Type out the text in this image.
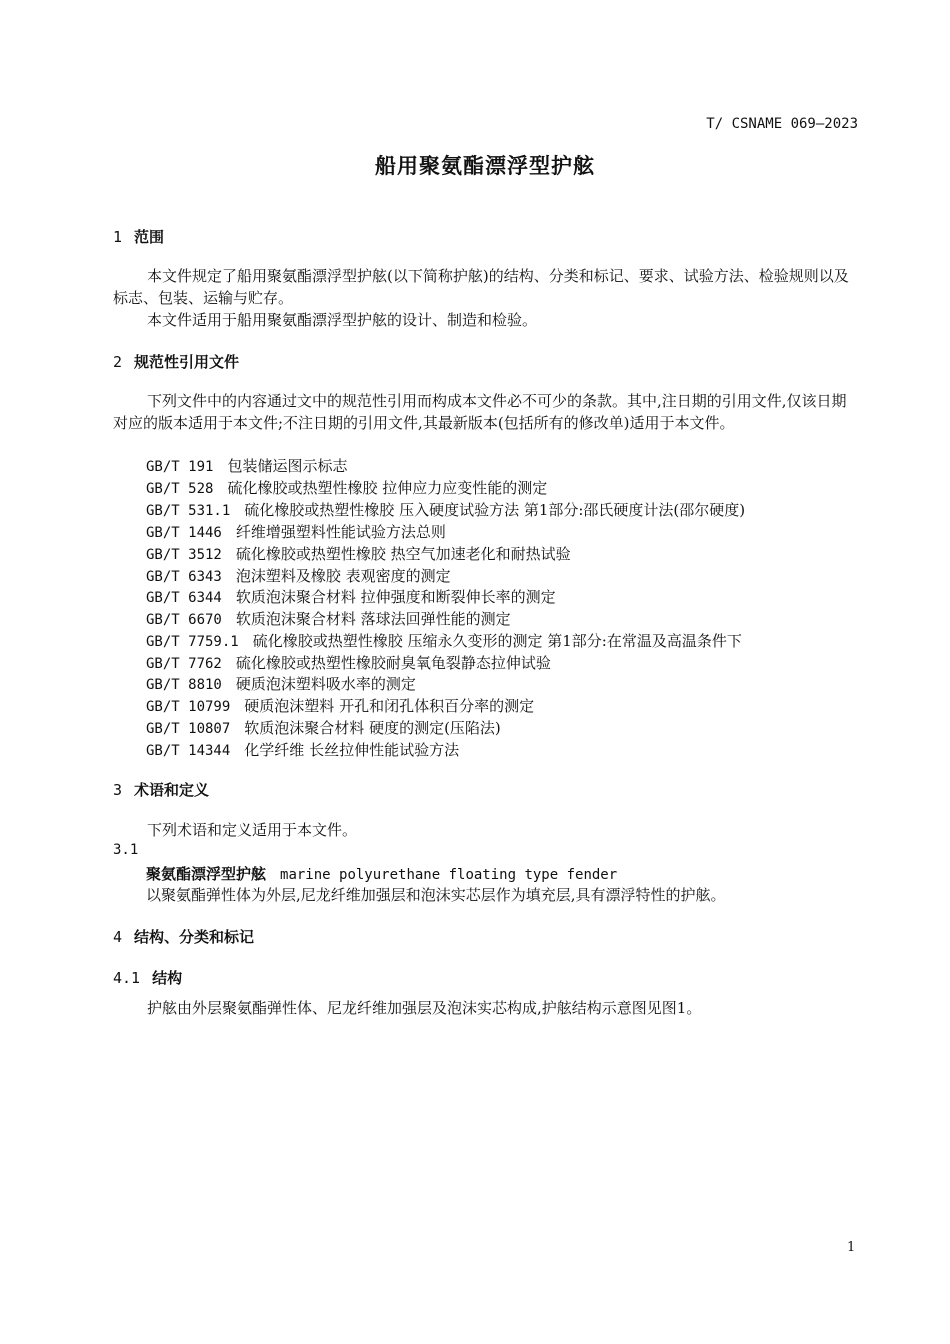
T/ CSNAME 069—2023
船用聚氨酯漂浮型护舷
1 范围
本文件规定了船用聚氨酯漂浮型护舷(以下简称护舷)的结构、分类和标记、要求、试验方法、检验规则以及标志、包装、运输与贮存。
本文件适用于船用聚氨酯漂浮型护舷的设计、制造和检验。
2 规范性引用文件
下列文件中的内容通过文中的规范性引用而构成本文件必不可少的条款。其中,注日期的引用文件,仅该日期对应的版本适用于本文件;不注日期的引用文件,其最新版本(包括所有的修改单)适用于本文件。
GB/T 191 包装储运图示标志
GB/T 528 硫化橡胶或热塑性橡胶 拉伸应力应变性能的测定
GB/T 531.1 硫化橡胶或热塑性橡胶 压入硬度试验方法 第1部分:邵氏硬度计法(邵尔硬度)
GB/T 1446 纤维增强塑料性能试验方法总则
GB/T 3512 硫化橡胶或热塑性橡胶 热空气加速老化和耐热试验
GB/T 6343 泡沫塑料及橡胶 表观密度的测定
GB/T 6344 软质泡沫聚合材料 拉伸强度和断裂伸长率的测定
GB/T 6670 软质泡沫聚合材料 落球法回弹性能的测定
GB/T 7759.1 硫化橡胶或热塑性橡胶 压缩永久变形的测定 第1部分:在常温及高温条件下
GB/T 7762 硫化橡胶或热塑性橡胶耐臭氧龟裂静态拉伸试验
GB/T 8810 硬质泡沫塑料吸水率的测定
GB/T 10799 硬质泡沫塑料 开孔和闭孔体积百分率的测定
GB/T 10807 软质泡沫聚合材料 硬度的测定(压陷法)
GB/T 14344 化学纤维 长丝拉伸性能试验方法
3 术语和定义
下列术语和定义适用于本文件。
3.1
聚氨酯漂浮型护舷 marine polyurethane floating type fender
以聚氨酯弹性体为外层,尼龙纤维加强层和泡沫实芯层作为填充层,具有漂浮特性的护舷。
4 结构、分类和标记
4.1 结构
护舷由外层聚氨酯弹性体、尼龙纤维加强层及泡沫实芯构成,护舷结构示意图见图1。
1
